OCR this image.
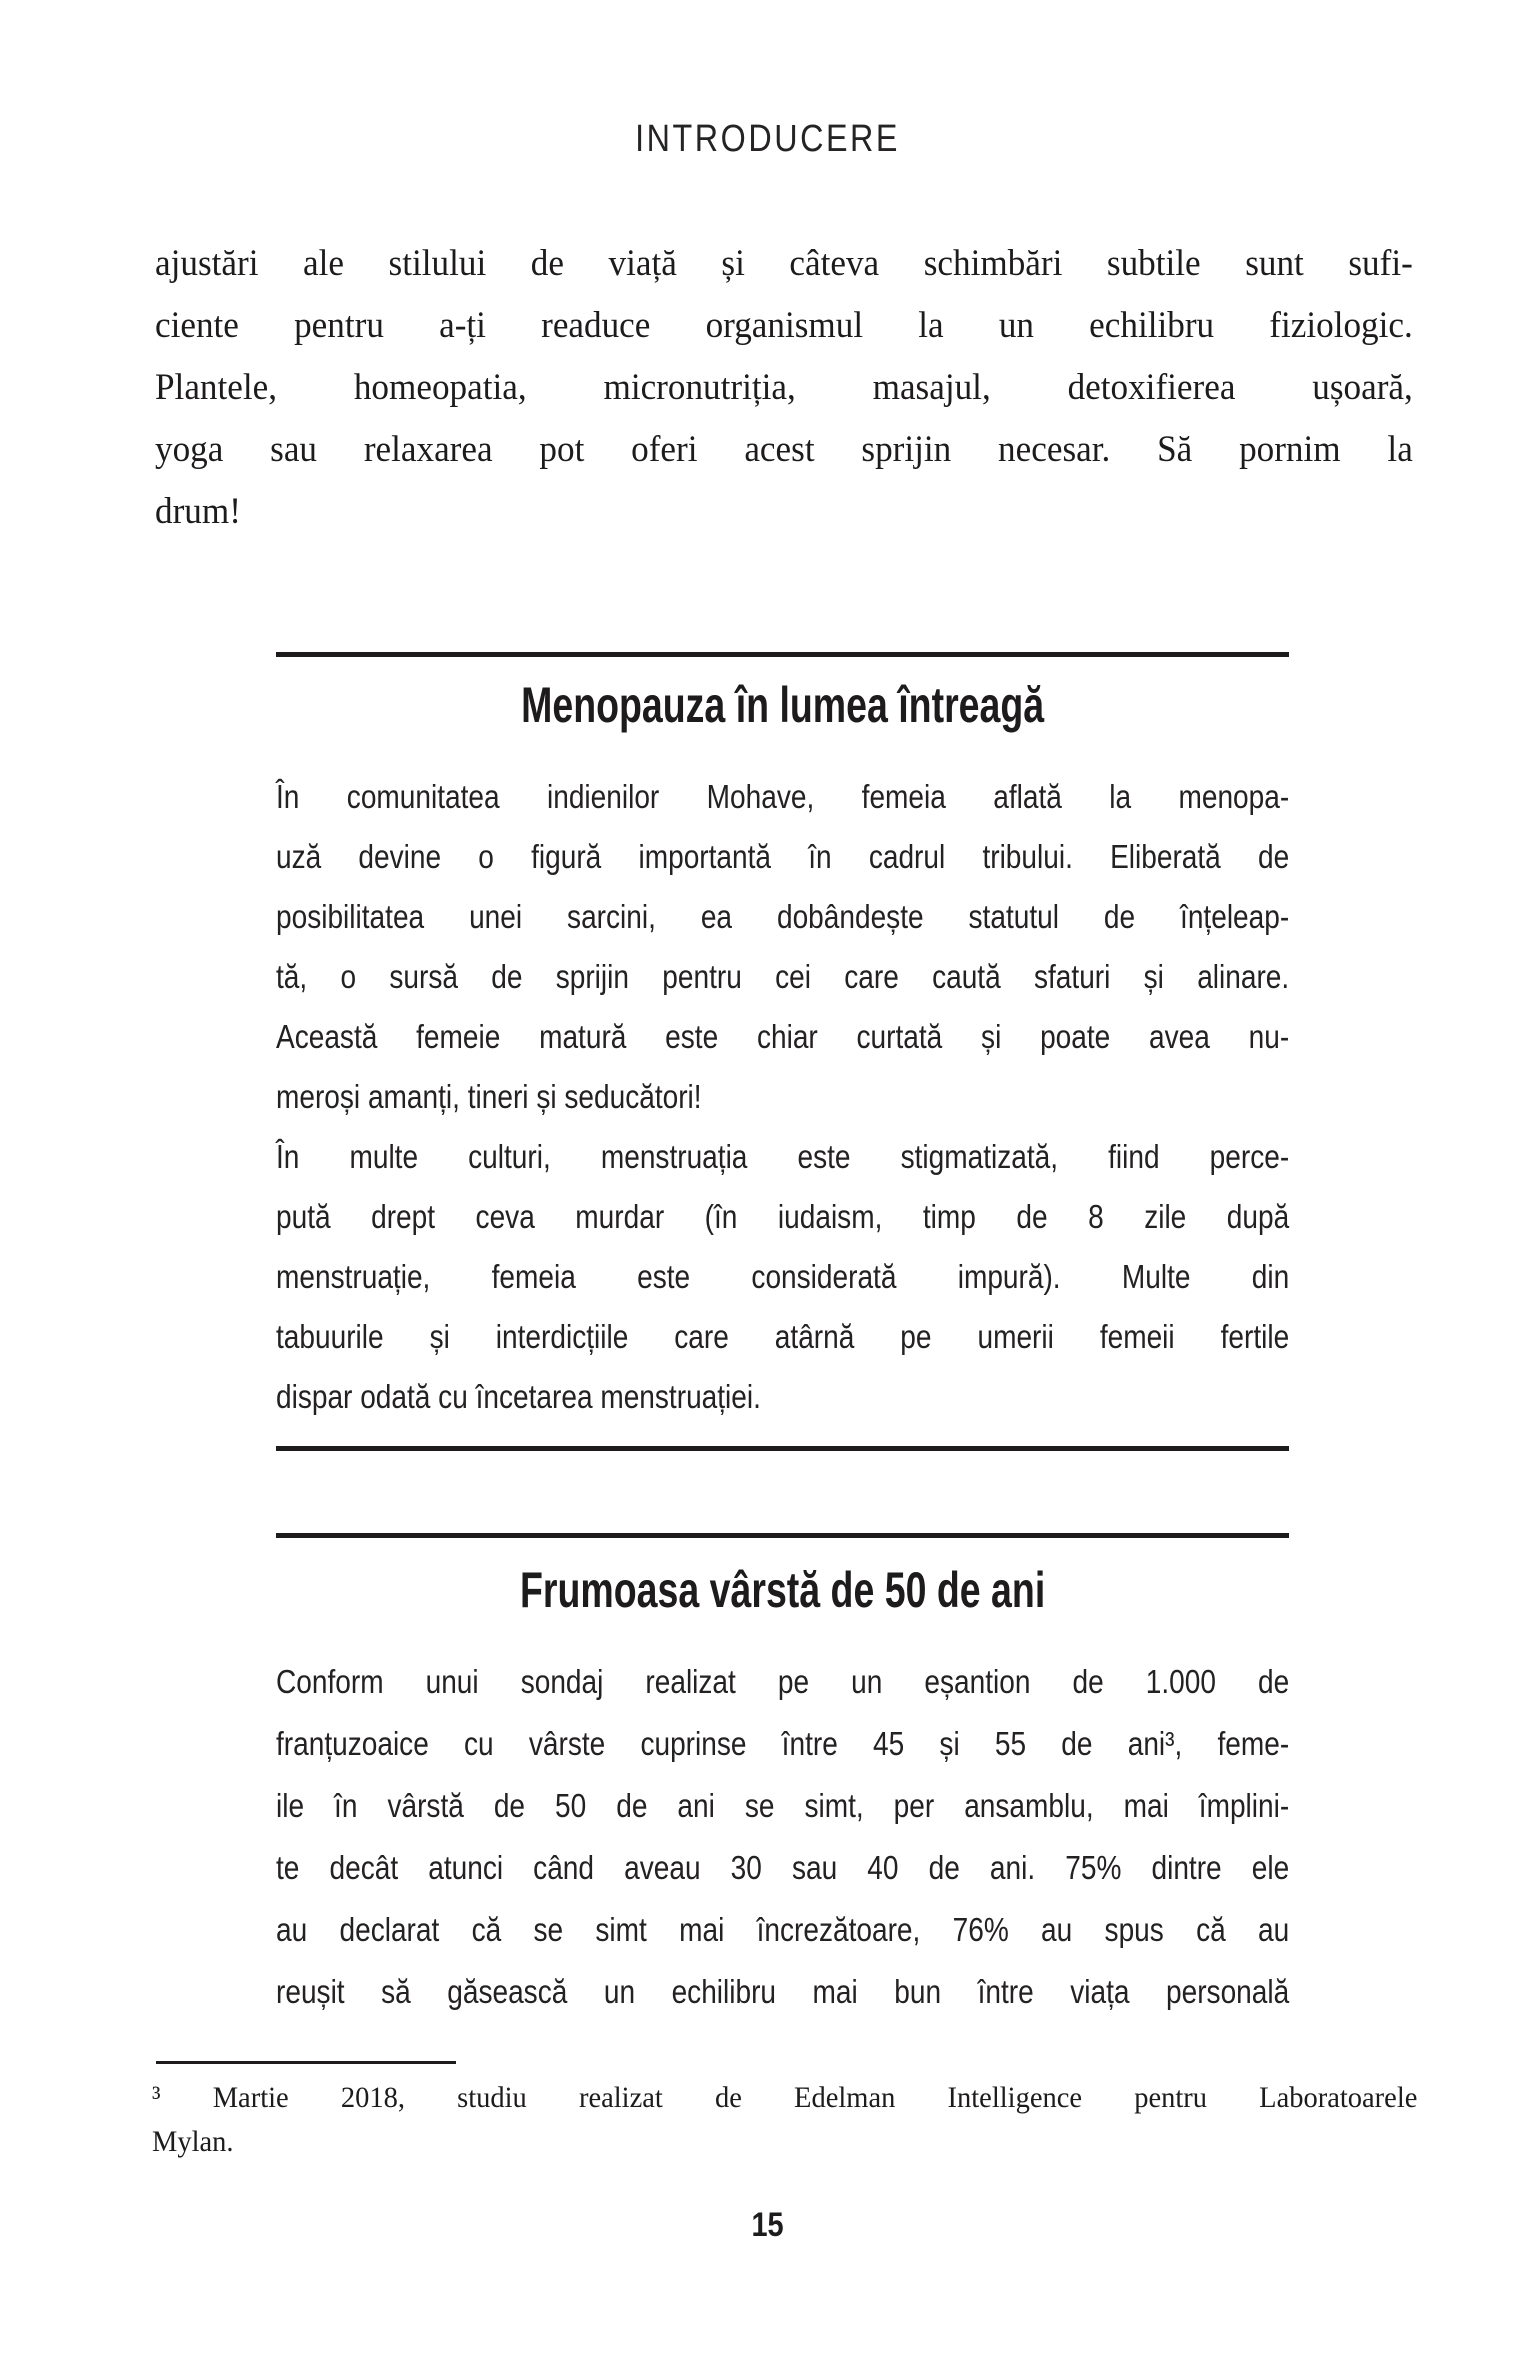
INTRODUCERE
ajustări ale stilului de viață și câteva schimbări subtile sunt sufi-
ciente pentru a-ți readuce organismul la un echilibru fiziologic.
Plantele, homeopatia, micronutriția, masajul, detoxifierea ușoară,
yoga sau relaxarea pot oferi acest sprijin necesar. Să pornim la
drum!
Menopauza în lumea întreagă
În comunitatea indienilor Mohave, femeia aflată la menopa-
uză devine o figură importantă în cadrul tribului. Eliberată de
posibilitatea unei sarcini, ea dobândește statutul de înțeleap-
tă, o sursă de sprijin pentru cei care caută sfaturi și alinare.
Această femeie matură este chiar curtată și poate avea nu-
meroși amanți, tineri și seducători!
În multe culturi, menstruația este stigmatizată, fiind perce-
pută drept ceva murdar (în iudaism, timp de 8 zile după
menstruație, femeia este considerată impură). Multe din
tabuurile și interdicțiile care atârnă pe umerii femeii fertile
dispar odată cu încetarea menstruației.
Frumoasa vârstă de 50 de ani
Conform unui sondaj realizat pe un eșantion de 1.000 de
franțuzoaice cu vârste cuprinse între 45 și 55 de ani³, feme-
ile în vârstă de 50 de ani se simt, per ansamblu, mai împlini-
te decât atunci când aveau 30 sau 40 de ani. 75% dintre ele
au declarat că se simt mai încrezătoare, 76% au spus că au
reușit să găsească un echilibru mai bun între viața personală
³ Martie 2018, studiu realizat de Edelman Intelligence pentru Laboratoarele
Mylan.
15
